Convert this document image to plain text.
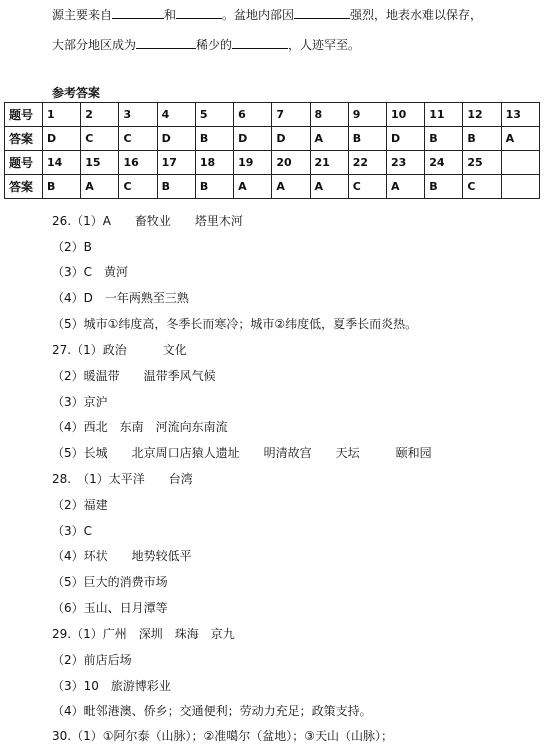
源主要来自	和	。盆地内部因	强烈，地表水难以保存，
大部分地区成为	稀少的	，人迹罕至。
参考答案
题号	1	2	3	4	5	6	7	8	9	10	11	12	13
答案	D	C	C	D	B	D	D	A	B	D	B	B	A
题号	14	15	16	17	18	19	20	21	22	23	24	25	
答案	B	A	C	B	B	A	A	A	C	A	B	C	
26.（1）A　　畜牧业　　塔里木河
（2）B
（3）C　黄河
（4）D　一年两熟至三熟
（5）城市①纬度高，冬季长而寒冷；城市②纬度低，夏季长而炎热。
27.（1）政治　　　文化
（2）暖温带　　温带季风气候
（3）京沪
（4）西北　东南　河流向东南流
（5）长城　　北京周口店猿人遗址　　明清故宫　　天坛　　　颐和园
28.　（1）太平洋　　台湾
（2）福建
（3）C
（4）环状　　地势较低平
（5）巨大的消费市场
（6）玉山、日月潭等
29.（1）广州　深圳　珠海　京九
（2）前店后场
（3）10　旅游博彩业
（4）毗邻港澳、侨乡；交通便利；劳动力充足；政策支持。
30.（1）①阿尔泰（山脉）；②准噶尔（盆地）；③天山（山脉）；
